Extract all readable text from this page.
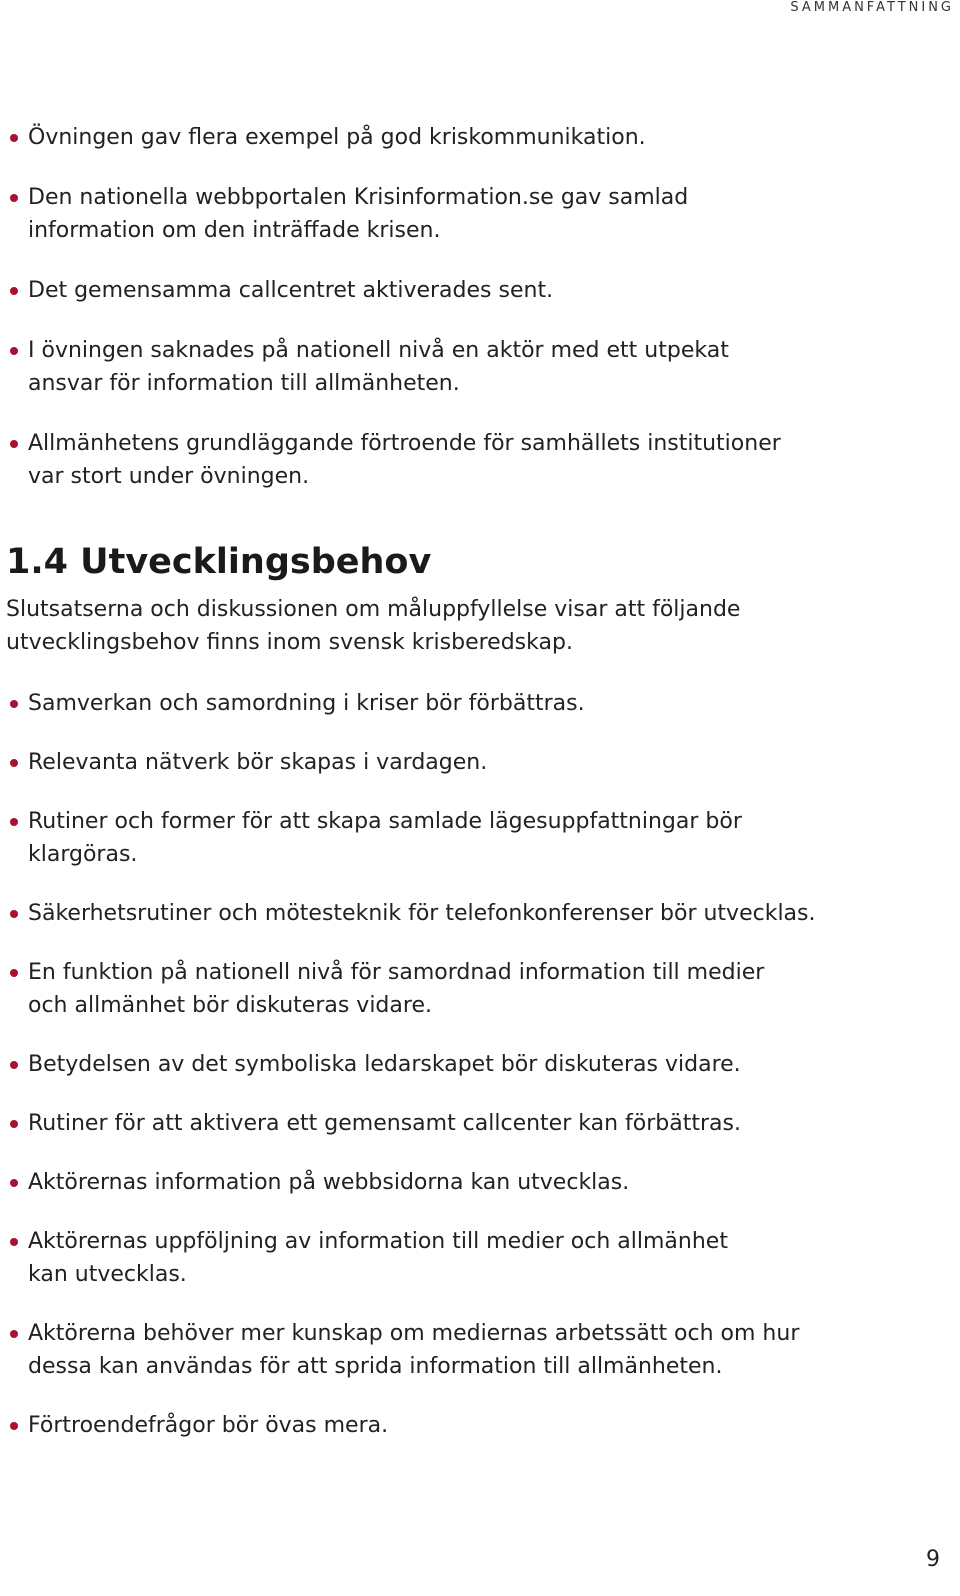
SAMMANFATTNING
Övningen gav flera exempel på god kriskommunikation.
Den nationella webbportalen Krisinformation.se gav samlad
information om den inträffade krisen.
Det gemensamma callcentret aktiverades sent.
I övningen saknades på nationell nivå en aktör med ett utpekat
ansvar för information till allmänheten.
Allmänhetens grundläggande förtroende för samhällets institutioner
var stort under övningen.
1.4 Utvecklingsbehov

Slutsatserna och diskussionen om måluppfyllelse visar att följande
utvecklingsbehov finns inom svensk krisberedskap.

Samverkan och samordning i kriser bör förbättras.
Relevanta nätverk bör skapas i vardagen.
Rutiner och former för att skapa samlade lägesuppfattningar bör
klargöras.
Säkerhetsrutiner och mötesteknik för telefonkonferenser bör utvecklas.
En funktion på nationell nivå för samordnad information till medier
och allmänhet bör diskuteras vidare.
Betydelsen av det symboliska ledarskapet bör diskuteras vidare.
Rutiner för att aktivera ett gemensamt callcenter kan förbättras.
Aktörernas information på webbsidorna kan utvecklas.
Aktörernas uppföljning av information till medier och allmänhet
kan utvecklas.
Aktörerna behöver mer kunskap om mediernas arbetssätt och om hur
dessa kan användas för att sprida information till allmänheten.
Förtroendefrågor bör övas mera.
9
